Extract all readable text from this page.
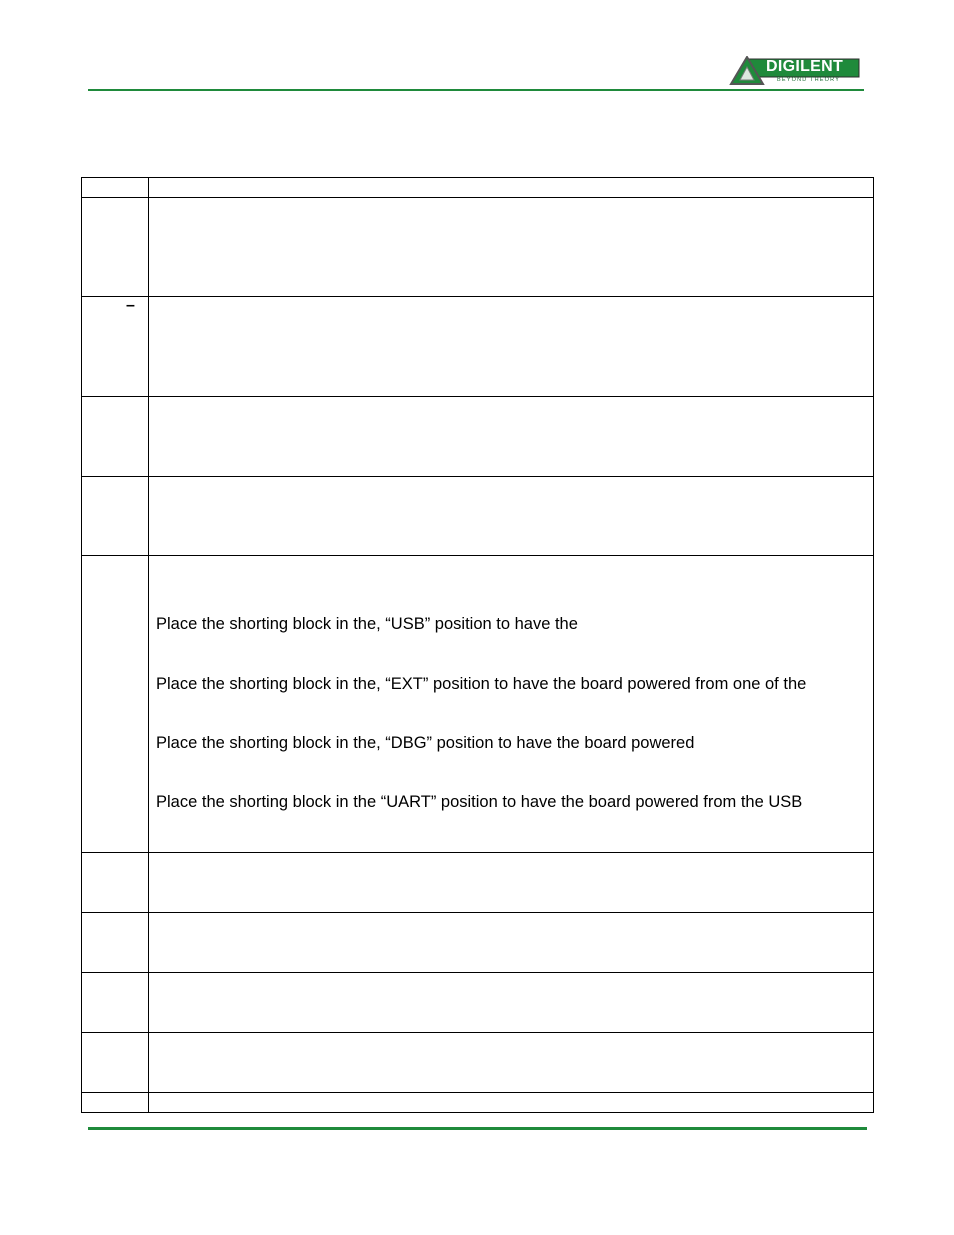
DIGILENT
BEYOND THEORY
–
Place the shorting block in the, “USB” position to have the
Place the shorting block in the, “EXT” position to have the board powered from one of the
Place the shorting block in the, “DBG” position to have the board powered
Place the shorting block in the “UART” position to have the board powered from the USB
